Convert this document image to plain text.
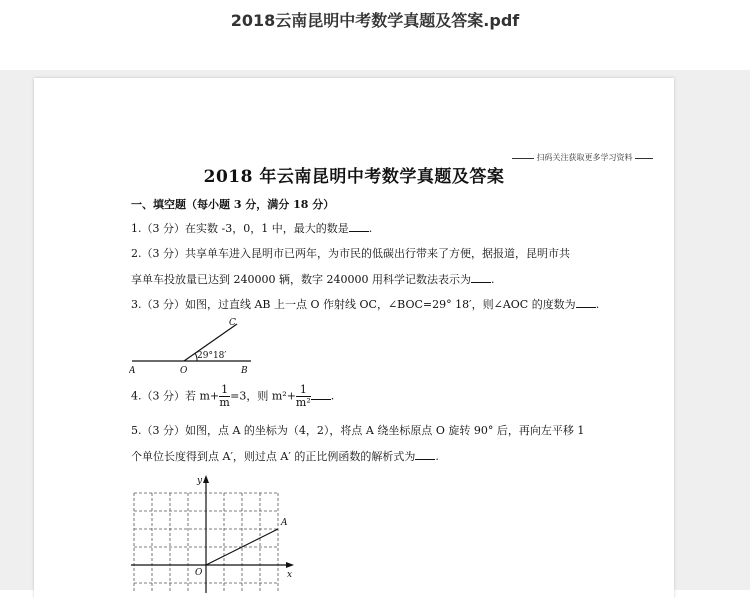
2018云南昆明中考数学真题及答案.pdf
扫码关注获取更多学习资料
2018 年云南昆明中考数学真题及答案
一、填空题（每小题 3 分，满分 18 分）
1.（3 分）在实数 -3，0，1 中，最大的数是 .
2.（3 分）共享单车进入昆明市已两年，为市民的低碳出行带来了方便，据报道，昆明市共
享单车投放量已达到 240000 辆，数字 240000 用科学记数法表示为 .
3.（3 分）如图，过直线 AB 上一点 O 作射线 OC，∠BOC=29° 18′，则∠AOC 的度数为 .
29°18′
C
A	O	B
4.（3 分）若 $m+ \frac{1}{m} =3$，则 $m^2+ \frac{1}{\text{m²}}$ .
5.（3 分）如图，点 A 的坐标为（4，2），将点 A 绕坐标原点 O 旋转 90° 后，再向左平移 1
个单位长度得到点 A′，则过点 A′ 的正比例函数的解析式为 .
y
x
O
A
